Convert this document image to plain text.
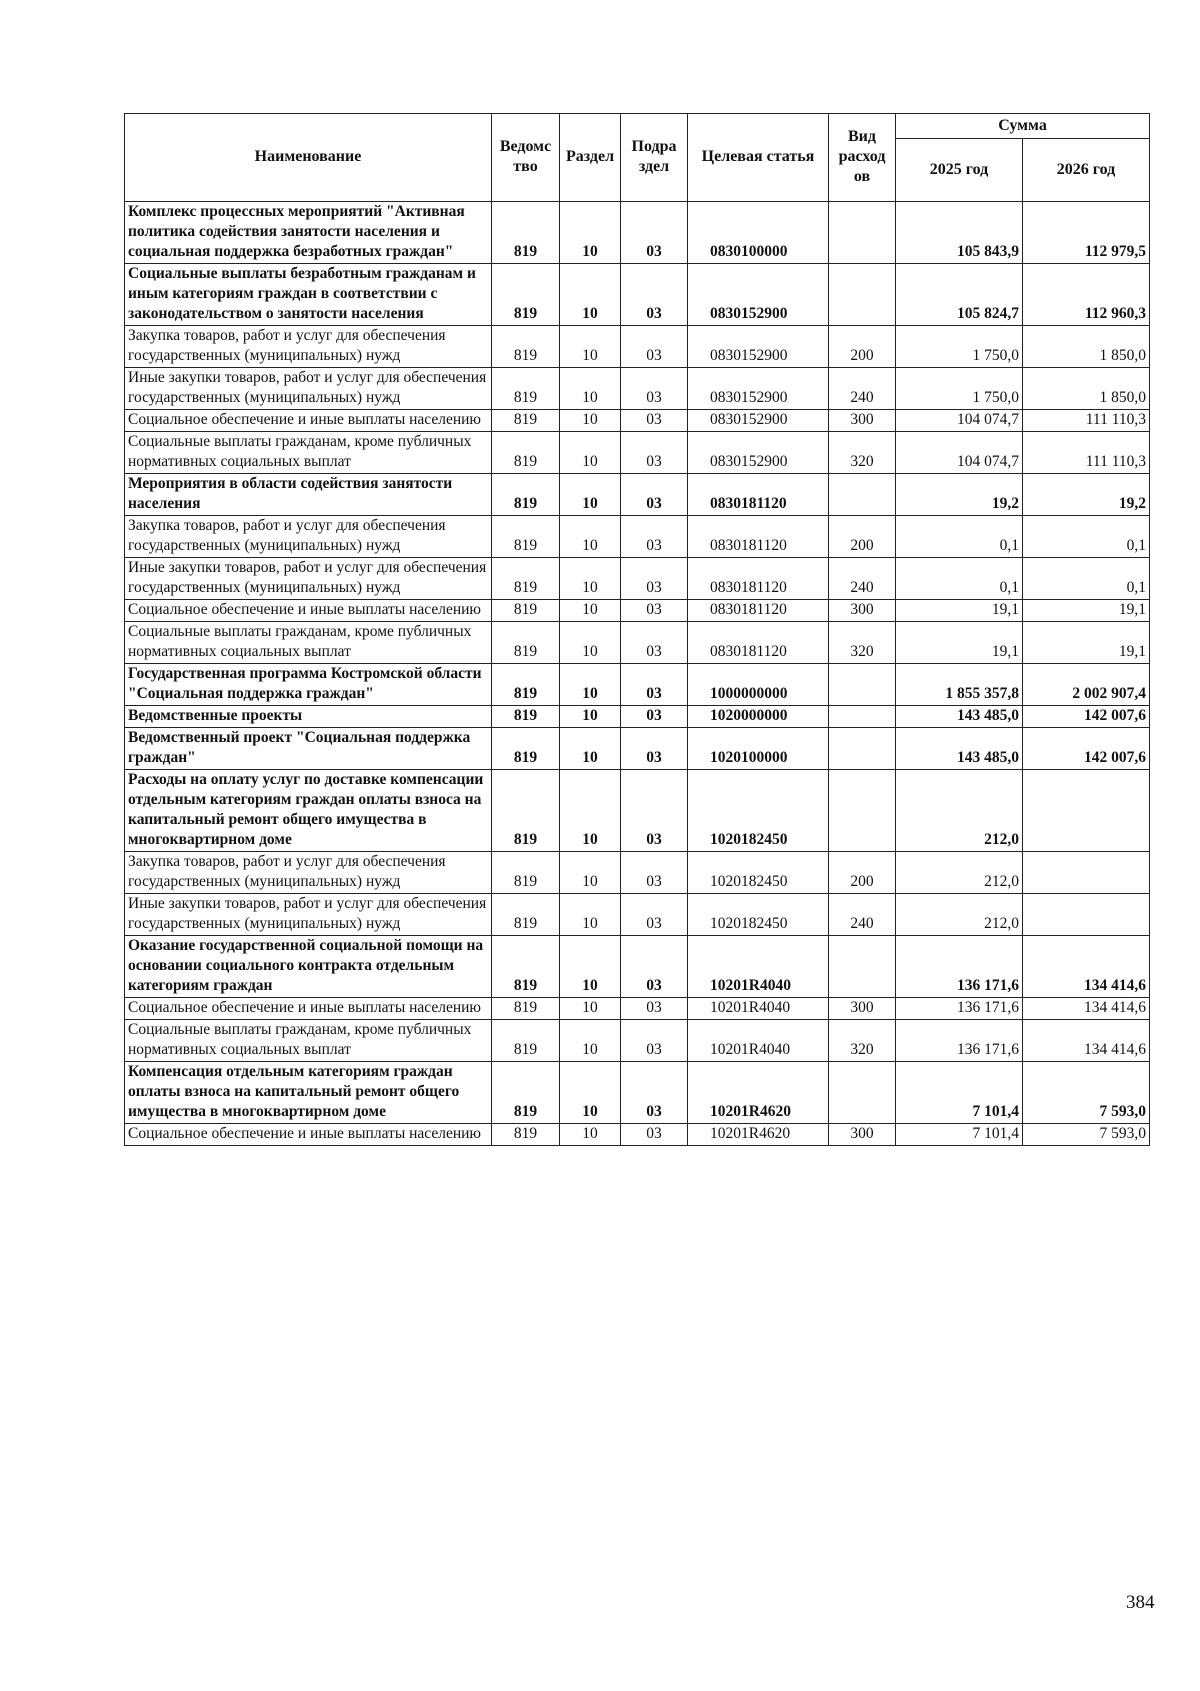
Наименование	Ведомс тво	Раздел	Подра здел	Целевая статья	Вид расход ов	Сумма	
						2025 год	2026 год
Комплекс процессных мероприятий "Активная политика содействия занятости населения и социальная поддержка безработных граждан"	819	10	03	0830100000		105 843,9	112 979,5
Социальные выплаты безработным гражданам и иным категориям граждан в соответствии с законодательством о занятости населения	819	10	03	0830152900		105 824,7	112 960,3
Закупка товаров, работ и услуг для обеспечения государственных (муниципальных) нужд	819	10	03	0830152900	200	1 750,0	1 850,0
Иные закупки товаров, работ и услуг для обеспечения государственных (муниципальных) нужд	819	10	03	0830152900	240	1 750,0	1 850,0
Социальное обеспечение и иные выплаты населению	819	10	03	0830152900	300	104 074,7	111 110,3
Социальные выплаты гражданам, кроме публичных нормативных социальных выплат	819	10	03	0830152900	320	104 074,7	111 110,3
Мероприятия в области содействия занятости населения	819	10	03	0830181120		19,2	19,2
Закупка товаров, работ и услуг для обеспечения государственных (муниципальных) нужд	819	10	03	0830181120	200	0,1	0,1
Иные закупки товаров, работ и услуг для обеспечения государственных (муниципальных) нужд	819	10	03	0830181120	240	0,1	0,1
Социальное обеспечение и иные выплаты населению	819	10	03	0830181120	300	19,1	19,1
Социальные выплаты гражданам, кроме публичных нормативных социальных выплат	819	10	03	0830181120	320	19,1	19,1
Государственная программа Костромской области "Социальная поддержка граждан"	819	10	03	1000000000		1 855 357,8	2 002 907,4
Ведомственные проекты	819	10	03	1020000000		143 485,0	142 007,6
Ведомственный проект "Социальная поддержка граждан"	819	10	03	1020100000		143 485,0	142 007,6
Расходы на оплату услуг по доставке компенсации отдельным категориям граждан оплаты взноса на капитальный ремонт общего имущества в многоквартирном доме	819	10	03	1020182450		212,0	
Закупка товаров, работ и услуг для обеспечения государственных (муниципальных) нужд	819	10	03	1020182450	200	212,0	
Иные закупки товаров, работ и услуг для обеспечения государственных (муниципальных) нужд	819	10	03	1020182450	240	212,0	
Оказание государственной социальной помощи на основании социального контракта отдельным категориям граждан	819	10	03	10201R4040		136 171,6	134 414,6
Социальное обеспечение и иные выплаты населению	819	10	03	10201R4040	300	136 171,6	134 414,6
Социальные выплаты гражданам, кроме публичных нормативных социальных выплат	819	10	03	10201R4040	320	136 171,6	134 414,6
Компенсация отдельным категориям граждан оплаты взноса на капитальный ремонт общего имущества в многоквартирном доме	819	10	03	10201R4620		7 101,4	7 593,0
Социальное обеспечение и иные выплаты населению	819	10	03	10201R4620	300	7 101,4	7 593,0
384
